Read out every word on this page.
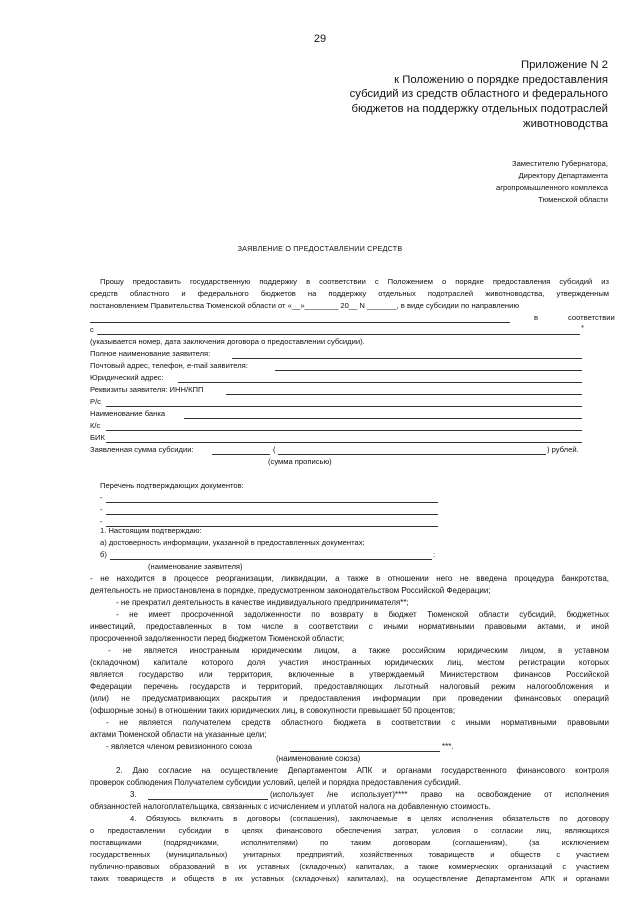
29
Приложение N 2
к Положению о порядке предоставления
субсидий из средств областного и федерального
бюджетов на поддержку отдельных подотраслей
животноводства
Заместителю Губернатора,
Директору Департамента
агропромышленного комплекса
Тюменской области
ЗАЯВЛЕНИЕ О ПРЕДОСТАВЛЕНИИ СРЕДСТВ
Прошу предоставить государственную поддержку в соответствии с Положением о порядке предоставления субсидий из
средств областного и федерального бюджетов на поддержку отдельных подотраслей животноводства, утвержденным
постановлением Правительства Тюменской области от «__»________ 20__ N _______, в виде субсидии по направлению
в	соответствии
с	*
(указывается номер, дата заключения договора о предоставлении субсидии).
Полное наименование заявителя:
Почтовый адрес, телефон, e-mail заявителя:
Юридический адрес:
Реквизиты заявителя: ИНН/КПП
Р/с
Наименование банка
К/с
БИК
Заявленная сумма субсидии:	(	) рублей.
(сумма прописью)
Перечень подтверждающих документов:
-
-
-
1. Настоящим подтверждаю:
а) достоверность информации, указанной в предоставленных документах;
б)	:
(наименование заявителя)
- не находится в процессе реорганизации, ликвидации, а также в отношении него не введена процедура банкротства,
деятельность не приостановлена в порядке, предусмотренном законодательством Российской Федерации;
- не прекратил деятельность в качестве индивидуального предпринимателя**;
- не имеет просроченной задолженности по возврату в бюджет Тюменской области субсидий, бюджетных
инвестиций, предоставленных в том числе в соответствии с иными нормативными правовыми актами, и иной
просроченной задолженности перед бюджетом Тюменской области;
- не является иностранным юридическим лицом, а также российским юридическим лицом, в уставном
(складочном) капитале которого доля участия иностранных юридических лиц, местом регистрации которых
является государство или территория, включенные в утверждаемый Министерством финансов Российской
Федерации перечень государств и территорий, предоставляющих льготный налоговый режим налогообложения и
(или) не предусматривающих раскрытия и предоставления информации при проведении финансовых операций
(офшорные зоны) в отношении таких юридических лиц, в совокупности превышает 50 процентов;
- не является получателем средств областного бюджета в соответствии с иными нормативными правовыми
актами Тюменской области на указанные цели;
- является членом ревизионного союза	***.
(наименование союза)
2. Даю согласие на осуществление Департаментом АПК и органами государственного финансового контроля
проверок соблюдения Получателем субсидии условий, целей и порядка предоставления субсидий.
3.	(использует /не использует)**** право на освобождение от исполнения
обязанностей налогоплательщика, связанных с исчислением и уплатой налога на добавленную стоимость.
4. Обязуюсь включить в договоры (соглашения), заключаемые в целях исполнения обязательств по договору
о предоставлении субсидии в целях финансового обеспечения затрат, условия о согласии лиц, являющихся
поставщиками (подрядчиками, исполнителями) по таким договорам (соглашениям), (за исключением
государственных (муниципальных) унитарных предприятий, хозяйственных товариществ и обществ с участием
публично-правовых образований в их уставных (складочных) капиталах, а также коммерческих организаций с участием
таких товариществ и обществ в их уставных (складочных) капиталах), на осуществление Департаментом АПК и органами
